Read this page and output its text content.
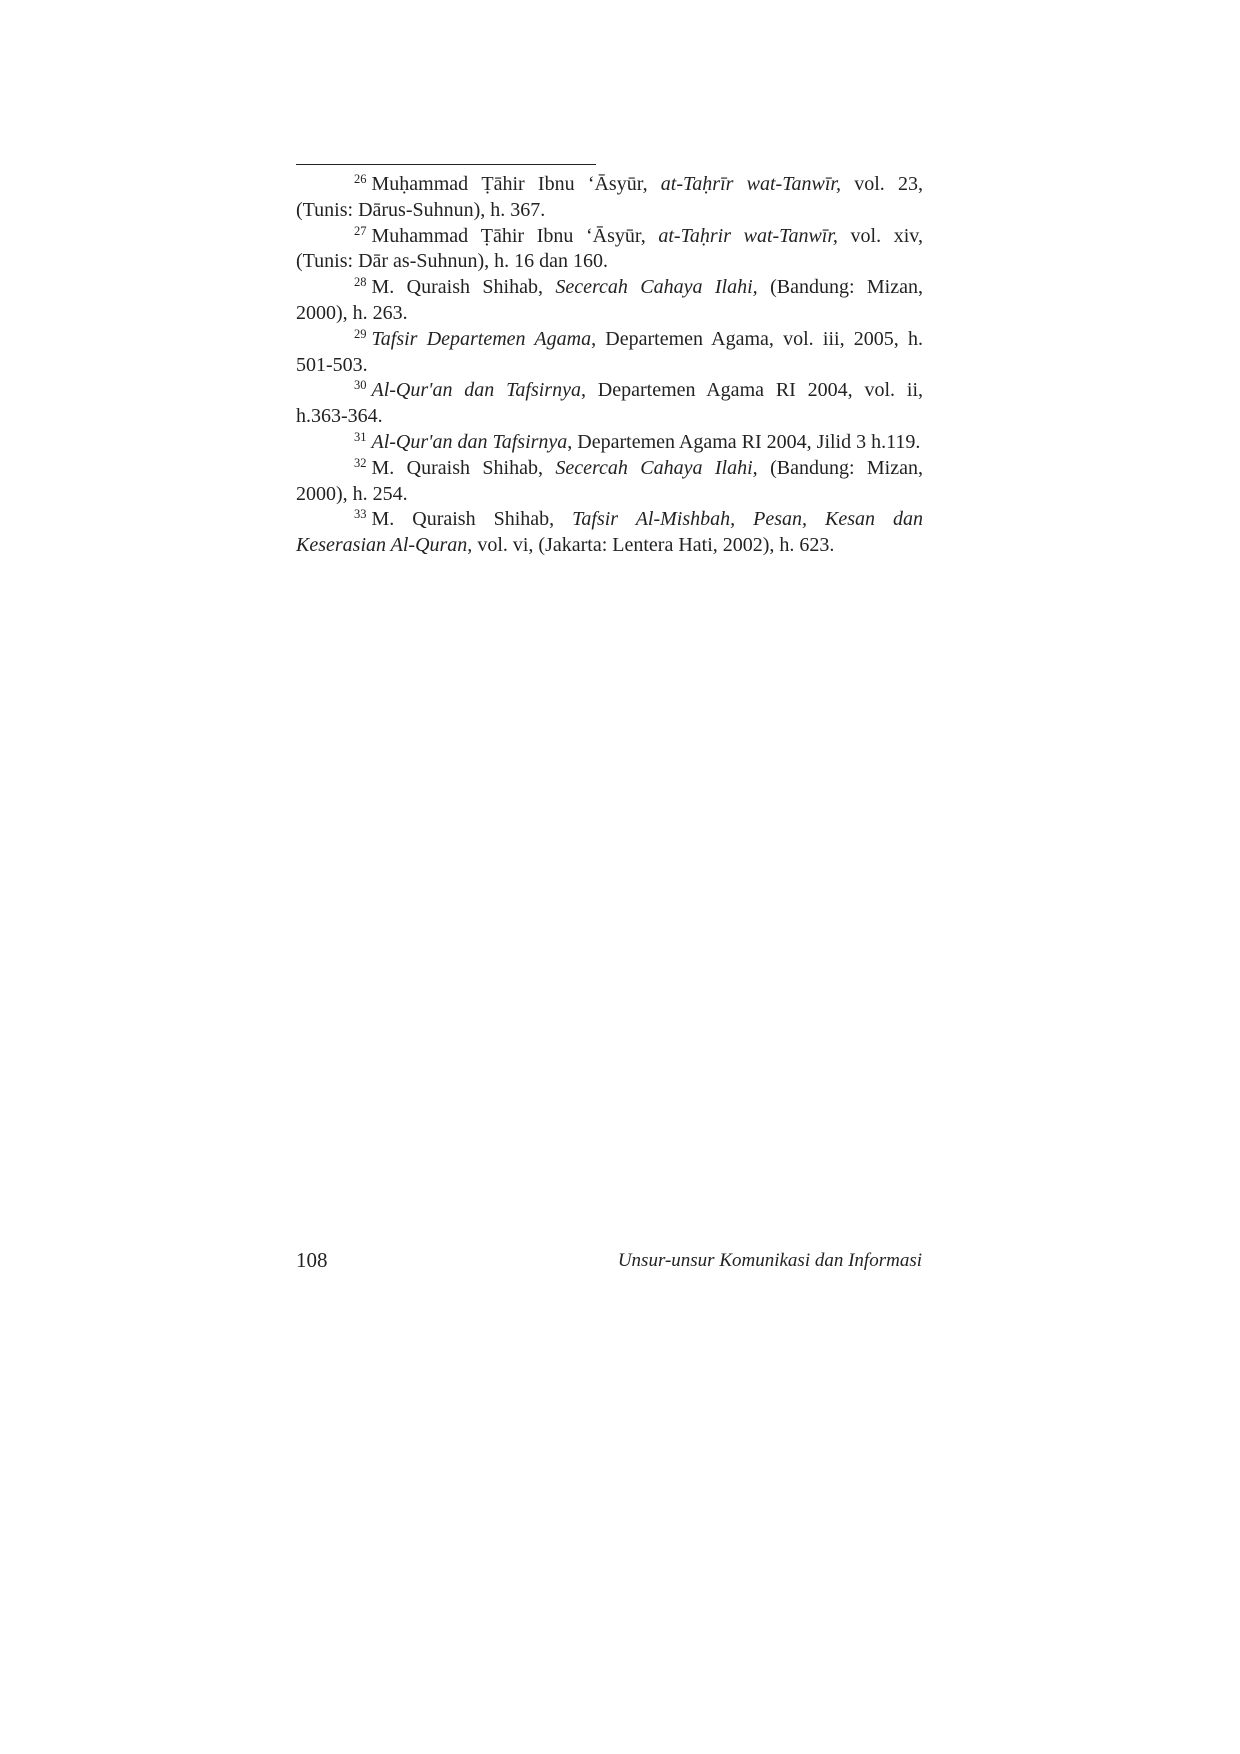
$^{26}$ Muḥammad Ṭāhir Ibnu ‘Āsyūr, at-Taḥrīr wat-Tanwīr, vol. 23, (Tunis: Dārus-Suhnun), h. 367.

$^{27}$ Muhammad Ṭāhir Ibnu ‘Āsyūr, at-Taḥrir wat-Tanwīr, vol. xiv, (Tunis: Dār as-Suhnun), h. 16 dan 160.

$^{28}$ M. Quraish Shihab, Secercah Cahaya Ilahi, (Bandung: Mizan, 2000), h. 263.

$^{29}$ Tafsir Departemen Agama, Departemen Agama, vol. iii, 2005, h. 501-503.

$^{30}$ Al-Qur'an dan Tafsirnya, Departemen Agama RI 2004, vol. ii, h.363-364.

$^{31}$ Al-Qur'an dan Tafsirnya, Departemen Agama RI 2004, Jilid 3 h.119.

$^{32}$ M. Quraish Shihab, Secercah Cahaya Ilahi, (Bandung: Mizan, 2000), h. 254.

$^{33}$ M. Quraish Shihab, Tafsir Al-Mishbah, Pesan, Kesan dan Keserasian Al-Quran, vol. vi, (Jakarta: Lentera Hati, 2002), h. 623.

108	Unsur-unsur Komunikasi dan Informasi
